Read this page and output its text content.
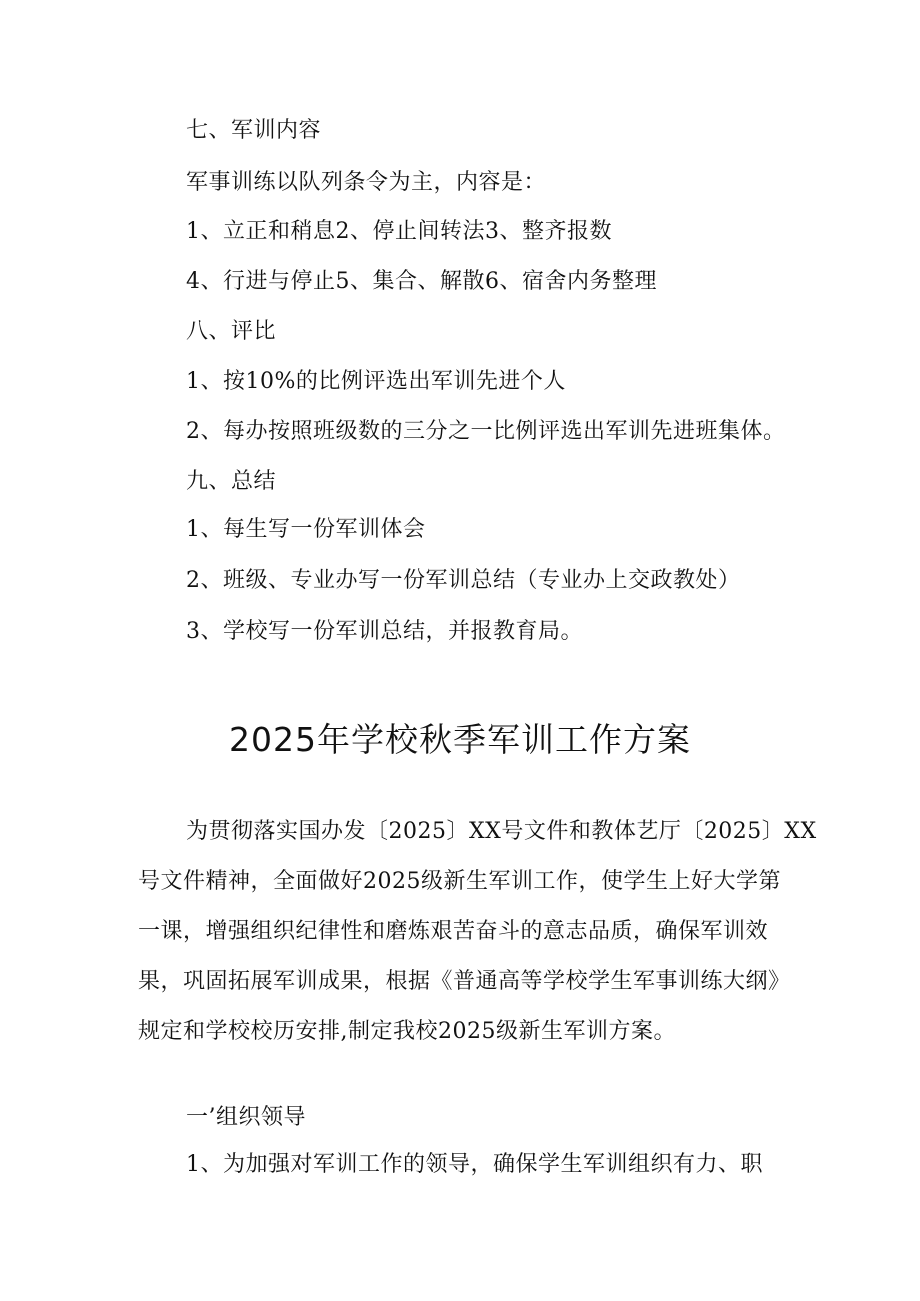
七、军训内容
军事训练以队列条令为主，内容是：
1、立正和稍息2、停止间转法3、整齐报数
4、行进与停止5、集合、解散6、宿舍内务整理
八、评比
1、按10%的比例评选出军训先进个人
2、每办按照班级数的三分之一比例评选出军训先进班集体。
九、总结
1、每生写一份军训体会
2、班级、专业办写一份军训总结（专业办上交政教处）
3、学校写一份军训总结，并报教育局。
2025年学校秋季军训工作方案
为贯彻落实国办发〔2025〕XX号文件和教体艺厅〔2025〕XX
号文件精神，全面做好2025级新生军训工作，使学生上好大学第
一课，增强组织纪律性和磨炼艰苦奋斗的意志品质，确保军训效
果，巩固拓展军训成果，根据《普通高等学校学生军事训练大纲》
规定和学校校历安排,制定我校2025级新生军训方案。
一’组织领导
1、为加强对军训工作的领导，确保学生军训组织有力、职
